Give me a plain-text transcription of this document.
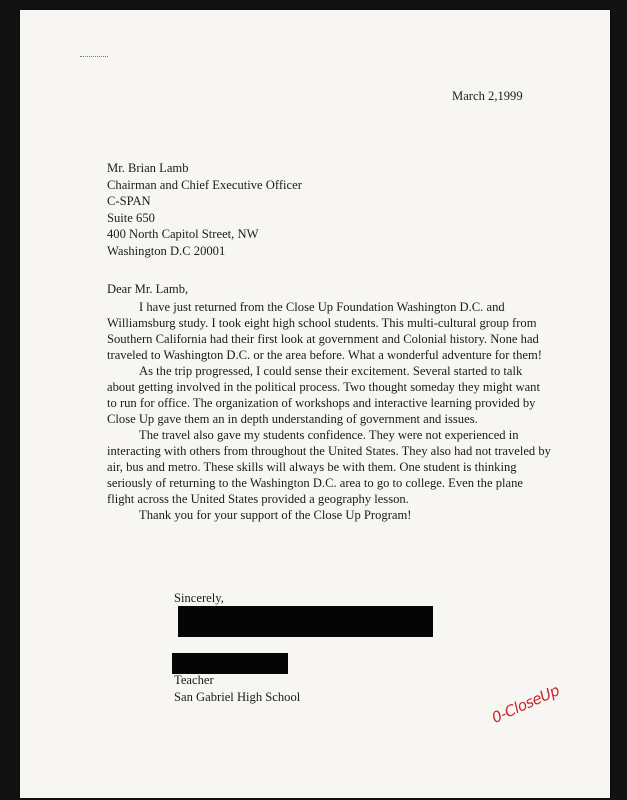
March 2,1999
Mr. Brian Lamb
Chairman and Chief Executive Officer
C-SPAN
Suite 650
400 North Capitol Street, NW
Washington D.C 20001
Dear Mr. Lamb,

I have just returned from the Close Up Foundation Washington D.C. and Williamsburg study. I took eight high school students. This multi-cultural group from Southern California had their first look at government and Colonial history. None had traveled to Washington D.C. or the area before. What a wonderful adventure for them!

As the trip progressed, I could sense their excitement. Several started to talk about getting involved in the political process. Two thought someday they might want to run for office. The organization of workshops and interactive learning provided by Close Up gave them an in depth understanding of government and issues.

The travel also gave my students confidence. They were not experienced in interacting with others from throughout the United States. They also had not traveled by air, bus and metro. These skills will always be with them. One student is thinking seriously of returning to the Washington D.C. area to go to college. Even the plane flight across the United States provided a geography lesson.

Thank you for your support of the Close Up Program!

Sincerely,
Teacher
San Gabriel High School	0-CloseUp
